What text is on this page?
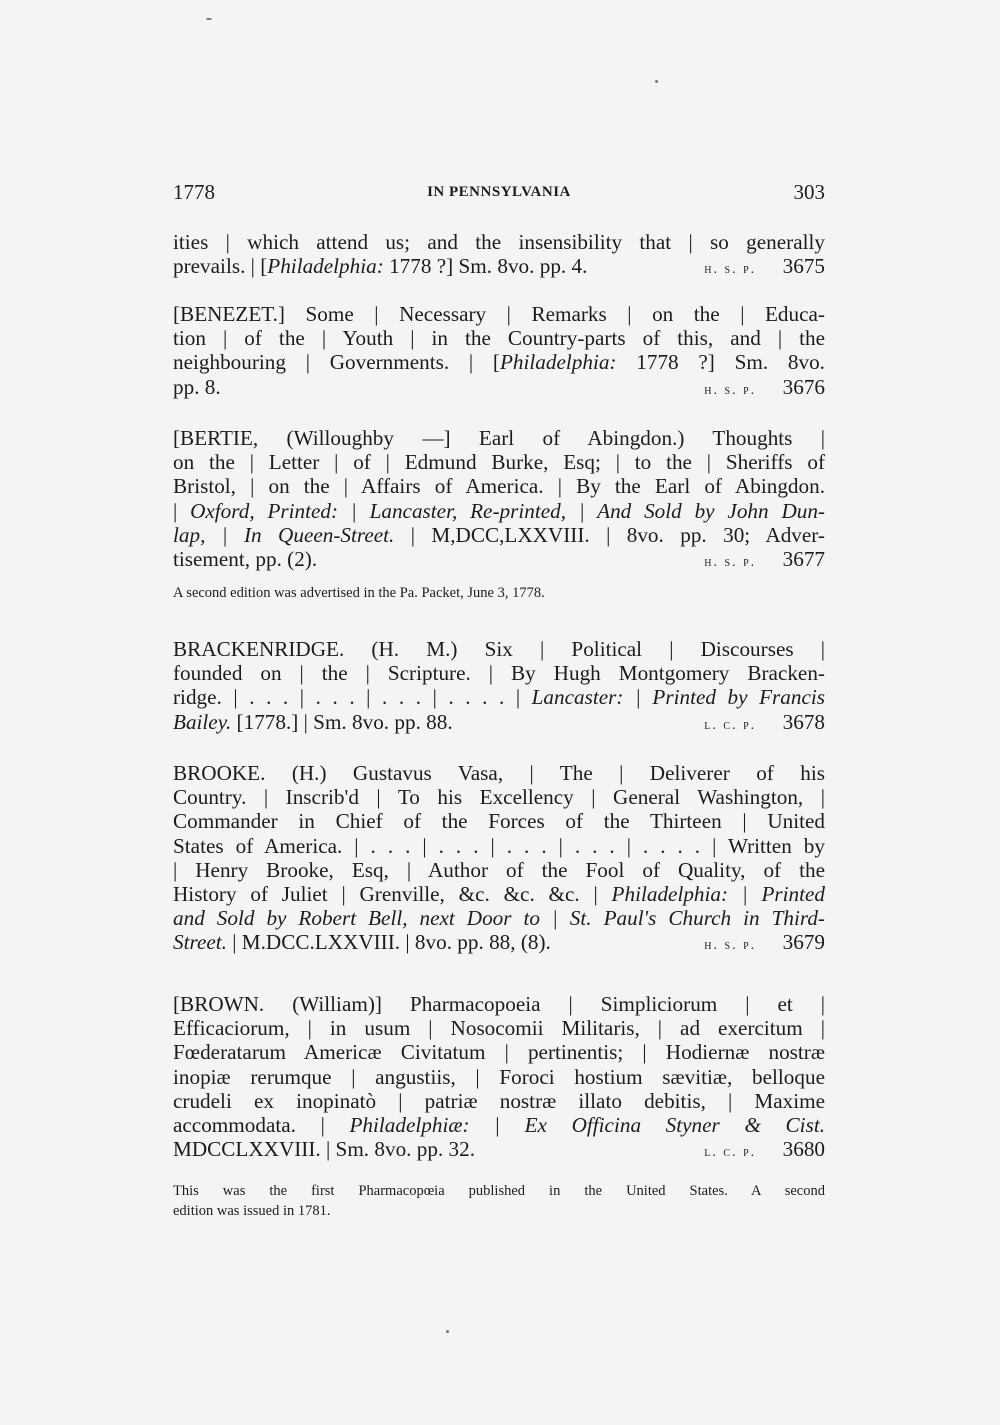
1778	IN PENNSYLVANIA	303

ities | which attend us; and the insensibility that | so generally

prevails. | [Philadelphia: 1778 ?] Sm. 8vo. pp. 4.	h. s. p. 3675

[BENEZET.] Some | Necessary | Remarks | on the | Educa-

tion | of the | Youth | in the Country-parts of this, and | the

neighbouring | Governments. | [Philadelphia: 1778 ?] Sm. 8vo.

pp. 8.	h. s. p. 3676

[BERTIE, (Willoughby —] Earl of Abingdon.) Thoughts |

on the | Letter | of | Edmund Burke, Esq; | to the | Sheriffs of

Bristol, | on the | Affairs of America. | By the Earl of Abingdon.

| Oxford, Printed: | Lancaster, Re-printed, | And Sold by John Dun-

lap, | In Queen-Street. | M,DCC,LXXVIII. | 8vo. pp. 30; Adver-

tisement, pp. (2).	h. s. p. 3677

A second edition was advertised in the Pa. Packet, June 3, 1778.

BRACKENRIDGE. (H. M.) Six | Political | Discourses |

founded on | the | Scripture. | By Hugh Montgomery Bracken-

ridge. | . . . | . . . | . . . | . . . . | Lancaster: | Printed by Francis

Bailey. [1778.] | Sm. 8vo. pp. 88.	l. c. p. 3678

BROOKE. (H.) Gustavus Vasa, | The | Deliverer of his

Country. | Inscrib'd | To his Excellency | General Washington, |

Commander in Chief of the Forces of the Thirteen | United

States of America. | . . . | . . . | . . . | . . . | . . . . | Written by

| Henry Brooke, Esq, | Author of the Fool of Quality, of the

History of Juliet | Grenville, &c. &c. &c. | Philadelphia: | Printed

and Sold by Robert Bell, next Door to | St. Paul's Church in Third-

Street. | M.DCC.LXXVIII. | 8vo. pp. 88, (8).	h. s. p. 3679

[BROWN. (William)] Pharmacopoeia | Simpliciorum | et |

Efficaciorum, | in usum | Nosocomii Militaris, | ad exercitum |

Fœderatarum Americæ Civitatum | pertinentis; | Hodiernæ nostræ

inopiæ rerumque | angustiis, | Foroci hostium sævitiæ, belloque

crudeli ex inopinatò | patriæ nostræ illato debitis, | Maxime

accommodata. | Philadelphiæ: | Ex Officina Styner & Cist.

MDCCLXXVIII. | Sm. 8vo. pp. 32.	l. c. p. 3680

This was the first Pharmacopœia published in the United States. A second

edition was issued in 1781.
